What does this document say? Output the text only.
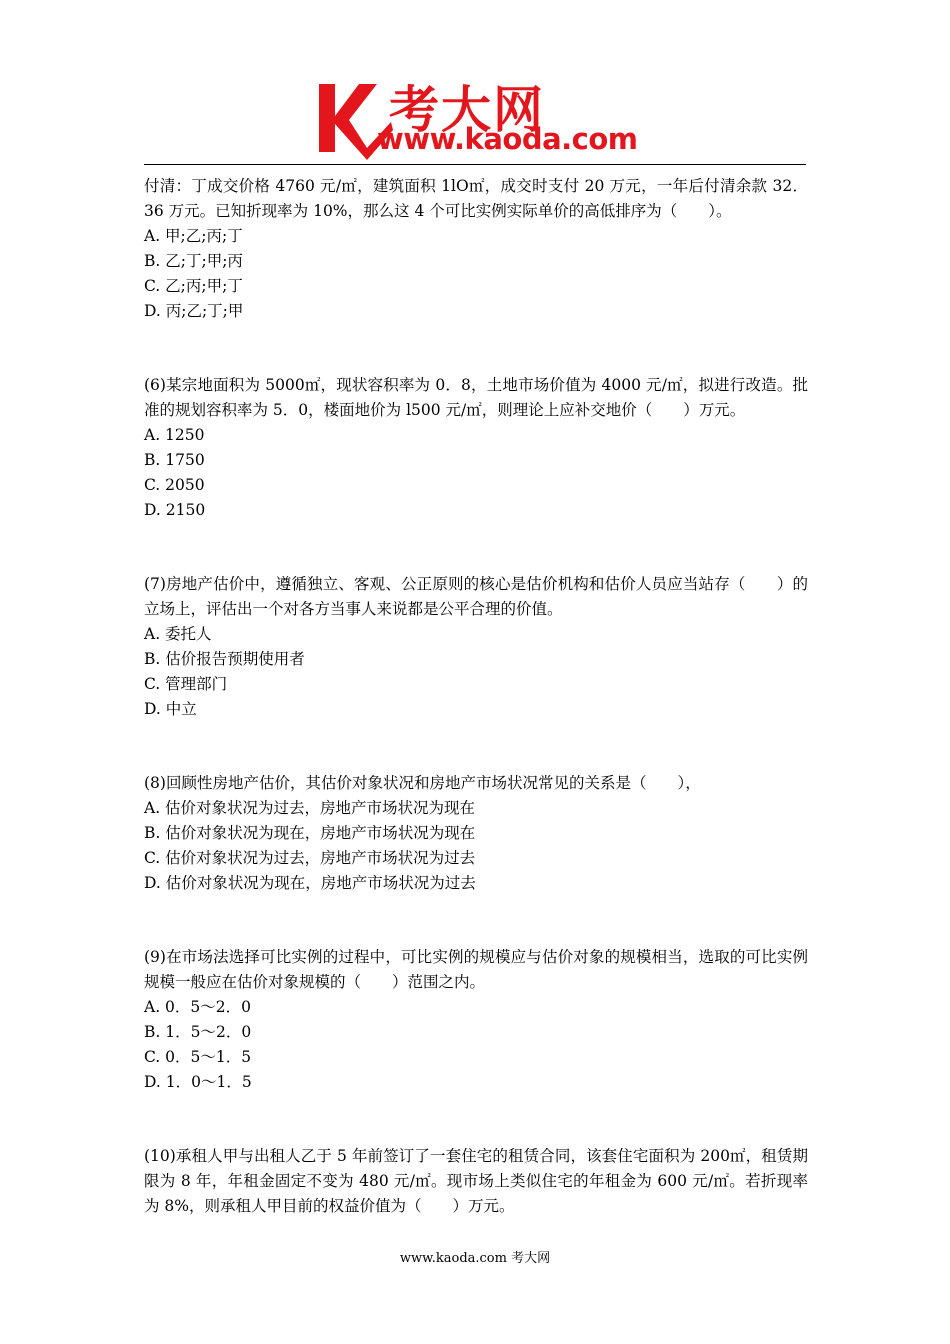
考大网
www.kaoda.com

付清：丁成交价格 4760 元/㎡，建筑面积 1lO㎡，成交时支付 20 万元，一年后付清余款 32．36 万元。已知折现率为 10%，那么这 4 个可比实例实际单价的高低排序为（　　）。

A. 甲;乙;丙;丁

B. 乙;丁;甲;丙

C. 乙;丙;甲;丁

D. 丙;乙;丁;甲

(6)某宗地面积为 5000㎡，现状容积率为 0．8，土地市场价值为 4000 元/㎡，拟进行改造。批准的规划容积率为 5．0，楼面地价为 l500 元/㎡，则理论上应补交地价（　　）万元。

A. 1250

B. 1750

C. 2050

D. 2150

(7)房地产估价中，遵循独立、客观、公正原则的核心是估价机构和估价人员应当站存（　　）的立场上，评估出一个对各方当事人来说都是公平合理的价值。

A. 委托人

B. 估价报告预期使用者

C. 管理部门

D. 中立

(8)回顾性房地产估价，其估价对象状况和房地产市场状况常见的关系是（　　），

A. 估价对象状况为过去，房地产市场状况为现在

B. 估价对象状况为现在，房地产市场状况为现在

C. 估价对象状况为过去，房地产市场状况为过去

D. 估价对象状况为现在，房地产市场状况为过去

(9)在市场法选择可比实例的过程中，可比实例的规模应与估价对象的规模相当，选取的可比实例规模一般应在估价对象规模的（　　）范围之内。

A. 0．5～2．0

B. 1．5～2．0

C. 0．5～1．5

D. 1．0～1．5

(10)承租人甲与出租人乙于 5 年前签订了一套住宅的租赁合同，该套住宅面积为 200㎡，租赁期限为 8 年，年租金固定不变为 480 元/㎡。现市场上类似住宅的年租金为 600 元/㎡。若折现率为 8%，则承租人甲目前的权益价值为（　　）万元。

www.kaoda.com 考大网
